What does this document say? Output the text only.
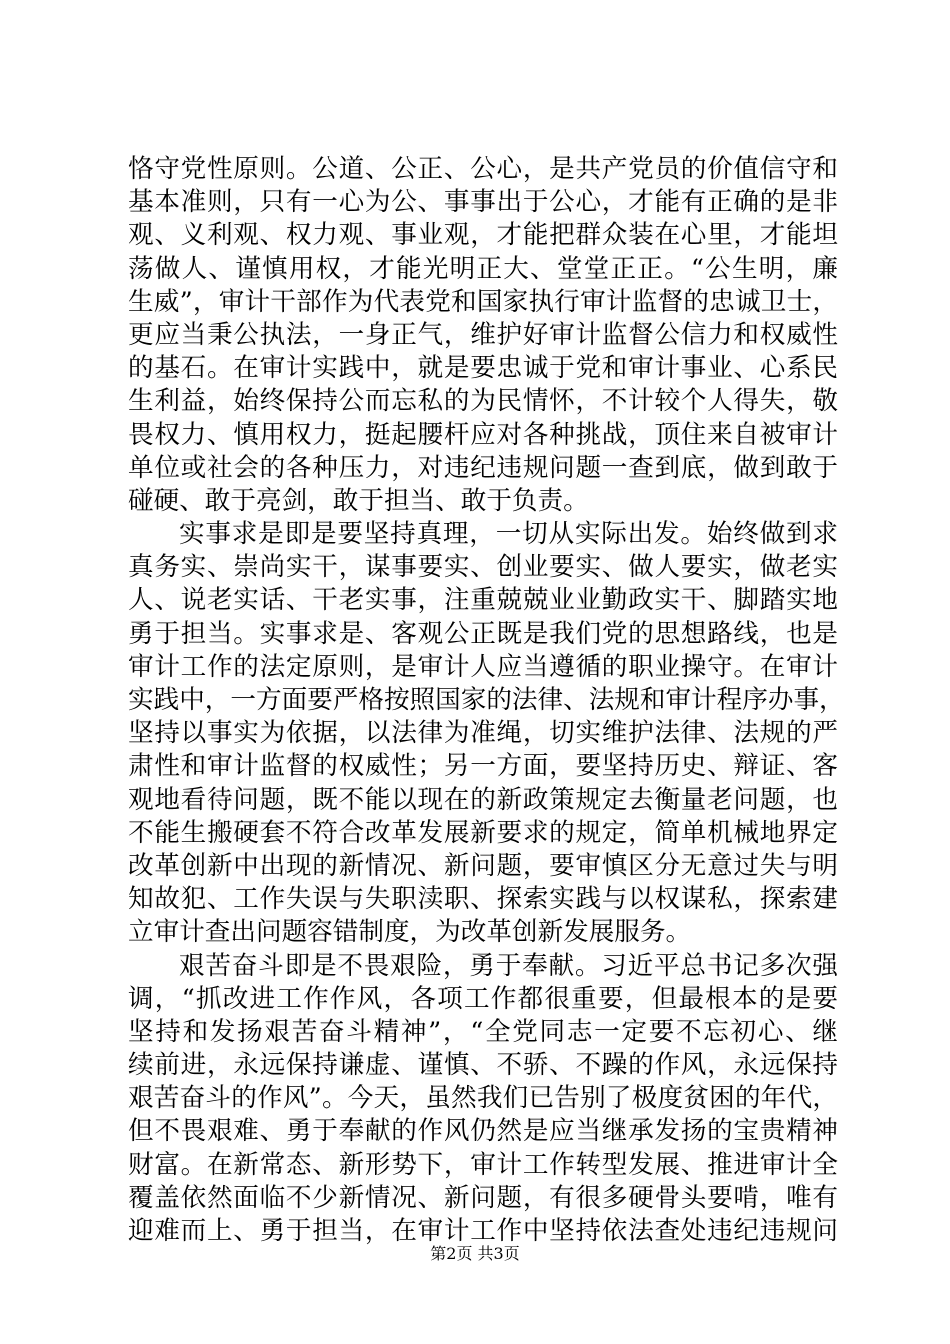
恪守党性原则。公道、公正、公心，是共产党员的价值信守和
基本准则，只有一心为公、事事出于公心，才能有正确的是非
观、义利观、权力观、事业观，才能把群众装在心里，才能坦
荡做人、谨慎用权，才能光明正大、堂堂正正。“公生明，廉
生威”，审计干部作为代表党和国家执行审计监督的忠诚卫士，
更应当秉公执法，一身正气，维护好审计监督公信力和权威性
的基石。在审计实践中，就是要忠诚于党和审计事业、心系民
生利益，始终保持公而忘私的为民情怀，不计较个人得失，敬
畏权力、慎用权力，挺起腰杆应对各种挑战，顶住来自被审计
单位或社会的各种压力，对违纪违规问题一查到底，做到敢于
碰硬、敢于亮剑，敢于担当、敢于负责。
实事求是即是要坚持真理，一切从实际出发。始终做到求
真务实、崇尚实干，谋事要实、创业要实、做人要实，做老实
人、说老实话、干老实事，注重兢兢业业勤政实干、脚踏实地
勇于担当。实事求是、客观公正既是我们党的思想路线，也是
审计工作的法定原则，是审计人应当遵循的职业操守。在审计
实践中，一方面要严格按照国家的法律、法规和审计程序办事，
坚持以事实为依据，以法律为准绳，切实维护法律、法规的严
肃性和审计监督的权威性；另一方面，要坚持历史、辩证、客
观地看待问题，既不能以现在的新政策规定去衡量老问题，也
不能生搬硬套不符合改革发展新要求的规定，简单机械地界定
改革创新中出现的新情况、新问题，要审慎区分无意过失与明
知故犯、工作失误与失职渎职、探索实践与以权谋私，探索建
立审计查出问题容错制度，为改革创新发展服务。
艰苦奋斗即是不畏艰险，勇于奉献。习近平总书记多次强
调，“抓改进工作作风，各项工作都很重要，但最根本的是要
坚持和发扬艰苦奋斗精神”，“全党同志一定要不忘初心、继
续前进，永远保持谦虚、谨慎、不骄、不躁的作风，永远保持
艰苦奋斗的作风”。今天，虽然我们已告别了极度贫困的年代，
但不畏艰难、勇于奉献的作风仍然是应当继承发扬的宝贵精神
财富。在新常态、新形势下，审计工作转型发展、推进审计全
覆盖依然面临不少新情况、新问题，有很多硬骨头要啃，唯有
迎难而上、勇于担当，在审计工作中坚持依法查处违纪违规问
第2页 共3页
